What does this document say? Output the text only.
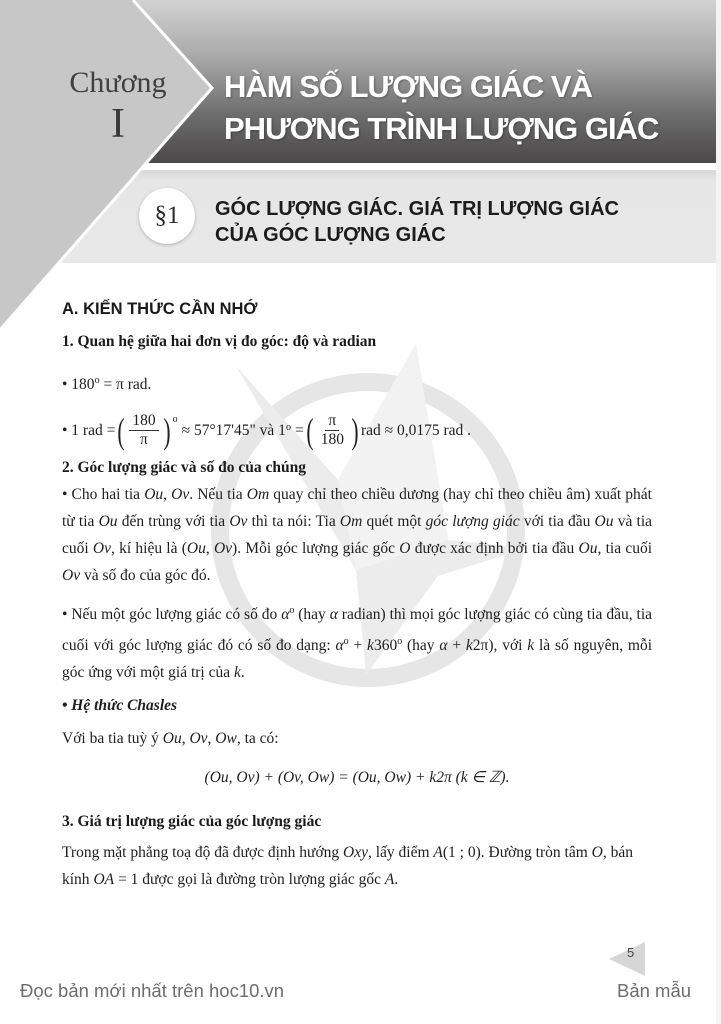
Chương
I
HÀM SỐ LƯỢNG GIÁC VÀ
PHƯƠNG TRÌNH LƯỢNG GIÁC
§1	GÓC LƯỢNG GIÁC. GIÁ TRỊ LƯỢNG GIÁC
CỦA GÓC LƯỢNG GIÁC
A. KIẾN THỨC CẦN NHỚ
1. Quan hệ giữa hai đơn vị đo góc: độ và radian

• $180^o = \pi$ rad.

• 1 rad = ( $\frac{180}{\pi} )^o$
≈ 57°17'45" và 1 o = ( $\frac{\pi}{180}$ ) rad ≈ 0,0175 rad .
2. Góc lượng giác và số đo của chúng

• Cho hai tia Ou, Ov. Nếu tia Om quay chỉ theo chiều dương (hay chỉ theo chiều âm) xuất phát từ tia Ou đến trùng với tia Ov thì ta nói: Tia Om quét một góc lượng giác với tia đầu Ou và tia cuối Ov, kí hiệu là (Ou, Ov). Mỗi góc lượng giác gốc O được xác định bởi tia đầu Ou, tia cuối Ov và số đo của góc đó.

• Nếu một góc lượng giác có số đo $\alpha^o$ (hay α radian) thì mọi góc lượng giác có cùng tia đầu, tia cuối với góc lượng giác đó có số đo dạng: $\alpha^o + k360^o$ (hay α + k2π), với k là số nguyên, mỗi góc ứng với một giá trị của k.

• Hệ thức Chasles

Với ba tia tuỳ ý Ou, Ov, Ow, ta có:

(Ou, Ov) + (Ov, Ow) = (Ou, Ow) + k2π (k ∈ ℤ).

3. Giá trị lượng giác của góc lượng giác

Trong mặt phẳng toạ độ đã được định hướng Oxy, lấy điểm A(1 ; 0). Đường tròn tâm O, bán kính OA = 1 được gọi là đường tròn lượng giác gốc A.

5
Đọc bản mới nhất trên hoc10.vn	Bản mẫu
